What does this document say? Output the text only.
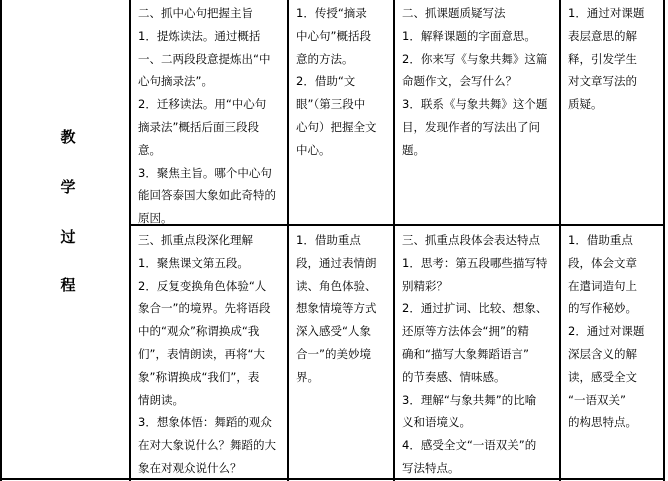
教
学
过
程
二、抓中心句把握主旨
1．提炼读法。通过概括
一、二两段段意提炼出“中
心句摘录法”。
2．迁移读法。用“中心句
摘录法”概括后面三段段
意。
3．聚焦主旨。哪个中心句
能回答泰国大象如此奇特的
原因。
1．传授“摘录
中心句”概括段
意的方法。
2．借助“文
眼”（第三段中
心句）把握全文
中心。
二、抓课题质疑写法
1．解释课题的字面意思。
2．你来写《与象共舞》这篇
命题作文，会写什么？
3．联系《与象共舞》这个题
目，发现作者的写法出了问
题。
1．通过对课题
表层意思的解
释，引发学生
对文章写法的
质疑。
三、抓重点段深化理解
1．聚焦课文第五段。
2．反复变换角色体验“人
象合一”的境界。先将语段
中的“观众”称谓换成“我
们”，表情朗读，再将“大
象”称谓换成“我们”，表
情朗读。
3．想象体悟：舞蹈的观众
在对大象说什么？舞蹈的大
象在对观众说什么？
1．借助重点
段，通过表情朗
读、角色体验、
想象情境等方式
深入感受“人象
合一”的美妙境
界。
三、抓重点段体会表达特点
1．思考：第五段哪些描写特
别精彩？
2．通过扩词、比较、想象、
还原等方法体会“拥”的精
确和“描写大象舞蹈语言”
的节奏感、情味感。
3．理解“与象共舞”的比喻
义和语境义。
4．感受全文“一语双关”的
写法特点。
1．借助重点
段，体会文章
在遣词造句上
的写作秘妙。
2．通过对课题
深层含义的解
读，感受全文
“一语双关”
的构思特点。
